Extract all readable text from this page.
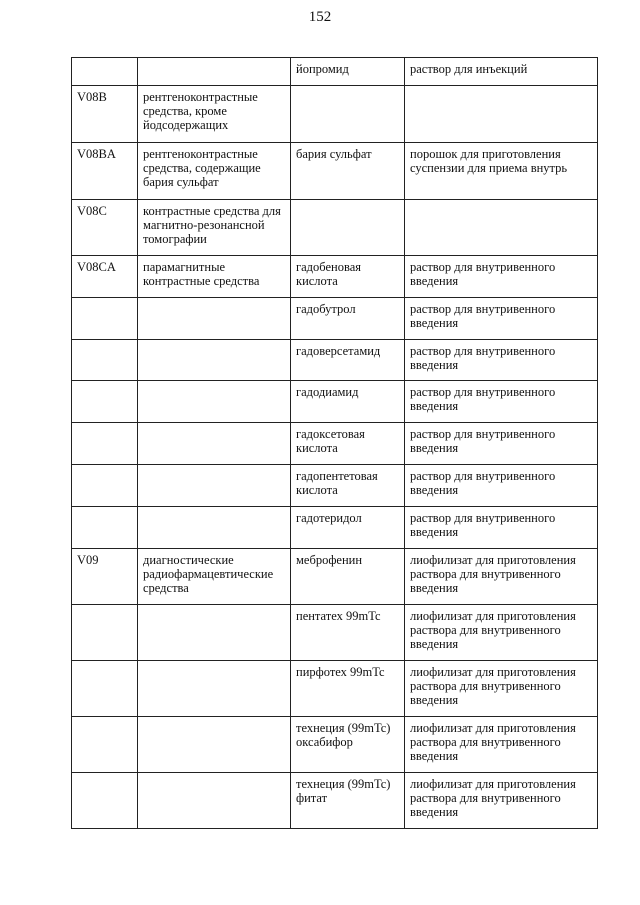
152
		йопромид	раствор для инъекций
V08B	рентгеноконтрастные средства, кроме йодсодержащих		
V08BA	рентгеноконтрастные средства, содержащие бария сульфат	бария сульфат	порошок для приготовления суспензии для приема внутрь
V08C	контрастные средства для магнитно-резонансной томографии		
V08CA	парамагнитные контрастные средства	гадобеновая кислота	раствор для внутривенного введения
		гадобутрол	раствор для внутривенного введения
		гадоверсетамид	раствор для внутривенного введения
		гадодиамид	раствор для внутривенного введения
		гадоксетовая кислота	раствор для внутривенного введения
		гадопентетовая кислота	раствор для внутривенного введения
		гадотеридол	раствор для внутривенного введения
V09	диагностические радиофармацевтические средства	меброфенин	лиофилизат для приготовления раствора для внутривенного введения
		пентатех 99mTc	лиофилизат для приготовления раствора для внутривенного введения
		пирфотех 99mTc	лиофилизат для приготовления раствора для внутривенного введения
		технеция (99mTc) оксабифор	лиофилизат для приготовления раствора для внутривенного введения
		технеция (99mTc) фитат	лиофилизат для приготовления раствора для внутривенного введения
